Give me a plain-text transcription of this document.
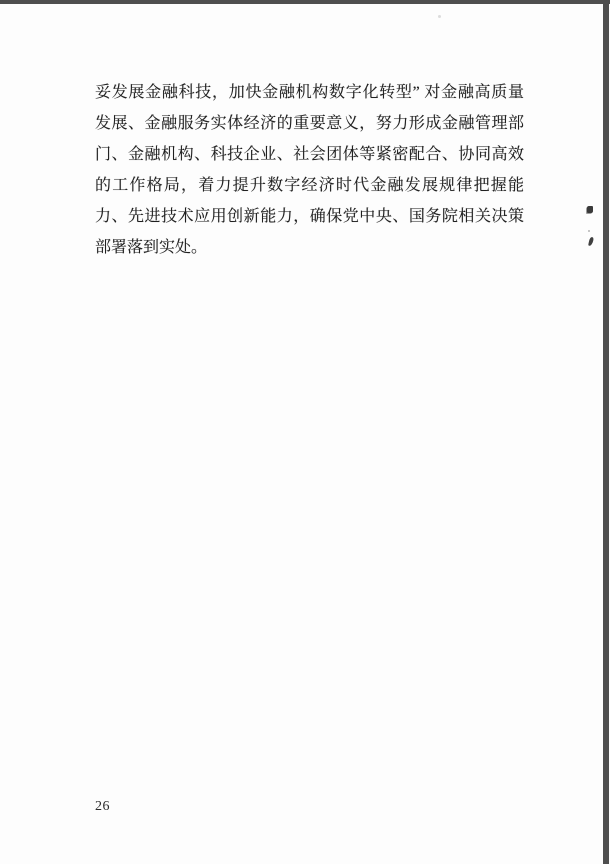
妥发展金融科技，加快金融机构数字化转型” 对金融高质量
发展、金融服务实体经济的重要意义，努力形成金融管理部
门、金融机构、科技企业、社会团体等紧密配合、协同高效
的工作格局，着力提升数字经济时代金融发展规律把握能
力、先进技术应用创新能力，确保党中央、国务院相关决策
部署落到实处。
26
